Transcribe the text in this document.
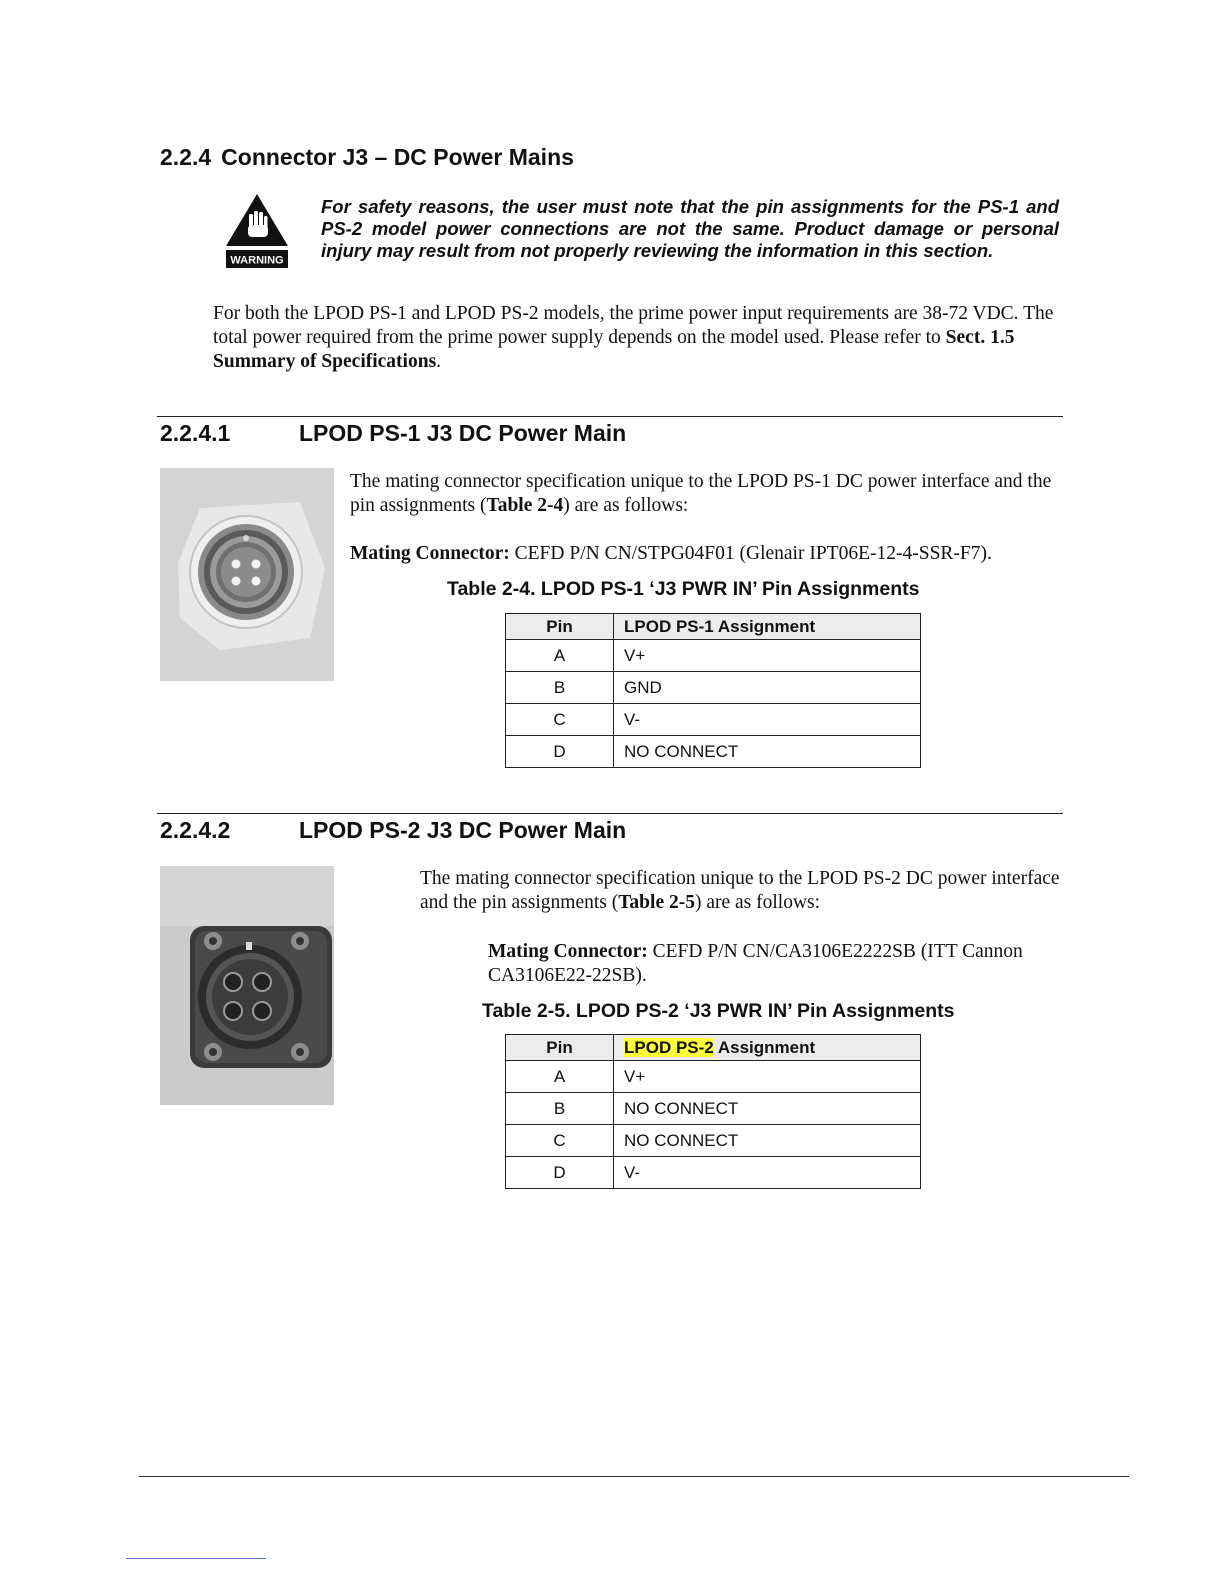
2.2.4 Connector J3 – DC Power Mains
WARNING
For safety reasons, the user must note that the pin assignments for the PS-1 and PS-2 model power connections are not the same. Product damage or personal injury may result from not properly reviewing the information in this section.
For both the LPOD PS-1 and LPOD PS-2 models, the prime power input requirements are 38-72 VDC. The total power required from the prime power supply depends on the model used. Please refer to Sect. 1.5 Summary of Specifications.
2.2.4.1	LPOD PS-1 J3 DC Power Main
The mating connector specification unique to the LPOD PS-1 DC power interface and the pin assignments (Table 2-4) are as follows:
Mating Connector: CEFD P/N CN/STPG04F01 (Glenair IPT06E-12-4-SSR-F7).
Table 2-4. LPOD PS-1 ‘J3 PWR IN’ Pin Assignments
Pin	LPOD PS-1 Assignment
A	V+
B	GND
C	V-
D	NO CONNECT
2.2.4.2	LPOD PS-2 J3 DC Power Main
The mating connector specification unique to the LPOD PS-2 DC power interface and the pin assignments (Table 2-5) are as follows:
Mating Connector: CEFD P/N CN/CA3106E2222SB (ITT Cannon CA3106E22-22SB).
Table 2-5. LPOD PS-2 ‘J3 PWR IN’ Pin Assignments
Pin	LPOD PS-2 Assignment
A	V+
B	NO CONNECT
C	NO CONNECT
D	V-
